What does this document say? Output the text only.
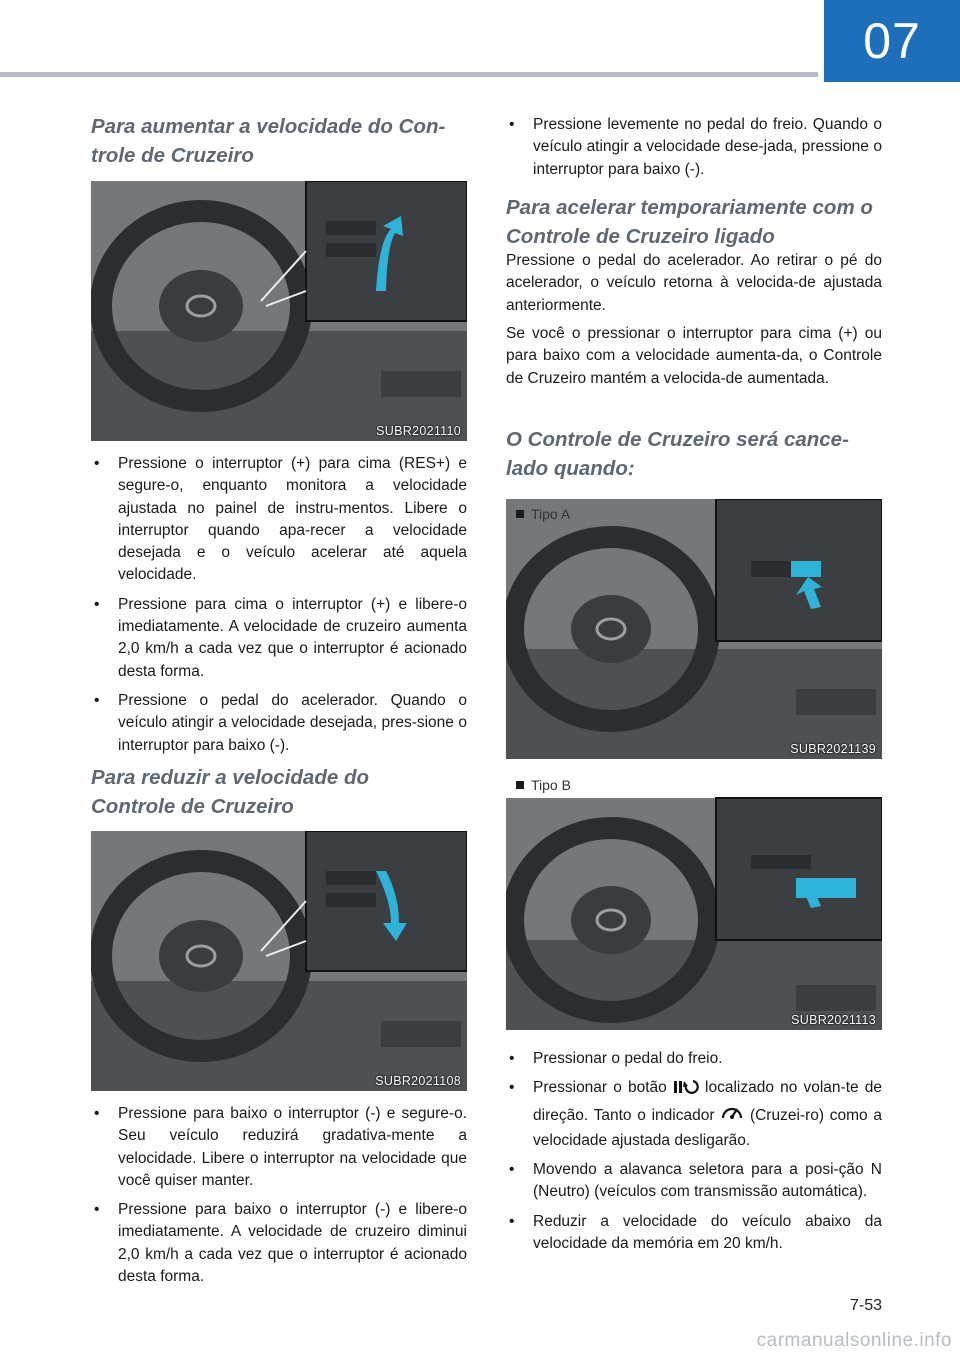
07
Para aumentar a velocidade do Con-
trole de Cruzeiro
SUBR2021110
• Pressione o interruptor (+) para cima (RES+) e segure-o, enquanto monitora a velocidade ajustada no painel de instru-mentos. Libere o interruptor quando apa-recer a velocidade desejada e o veículo acelerar até aquela velocidade.
• Pressione para cima o interruptor (+) e libere-o imediatamente. A velocidade de cruzeiro aumenta 2,0 km/h a cada vez que o interruptor é acionado desta forma.
• Pressione o pedal do acelerador. Quando o veículo atingir a velocidade desejada, pres-sione o interruptor para baixo (-).
Para reduzir a velocidade do
Controle de Cruzeiro
SUBR2021108
• Pressione para baixo o interruptor (-) e segure-o. Seu veículo reduzirá gradativa-mente a velocidade. Libere o interruptor na velocidade que você quiser manter.
• Pressione para baixo o interruptor (-) e libere-o imediatamente. A velocidade de cruzeiro diminui 2,0 km/h a cada vez que o interruptor é acionado desta forma.
• Pressione levemente no pedal do freio. Quando o veículo atingir a velocidade dese-jada, pressione o interruptor para baixo (-).
Para acelerar temporariamente com o
Controle de Cruzeiro ligado

Pressione o pedal do acelerador. Ao retirar o pé do acelerador, o veículo retorna à velocida-de ajustada anteriormente.

Se você o pressionar o interruptor para cima (+) ou para baixo com a velocidade aumenta-da, o Controle de Cruzeiro mantém a velocida-de aumentada.

O Controle de Cruzeiro será cance-
lado quando:
Tipo A
SUBR2021139
Tipo B
SUBR2021113
• Pressionar o pedal do freio.
• Pressionar o botão localizado no volan-te de direção. Tanto o indicador (Cruzei-ro) como a velocidade ajustada desligarão.
• Movendo a alavanca seletora para a posi-ção N (Neutro) (veículos com transmissão automática).
• Reduzir a velocidade do veículo abaixo da velocidade da memória em 20 km/h.
7-53
carmanualsonline.info
